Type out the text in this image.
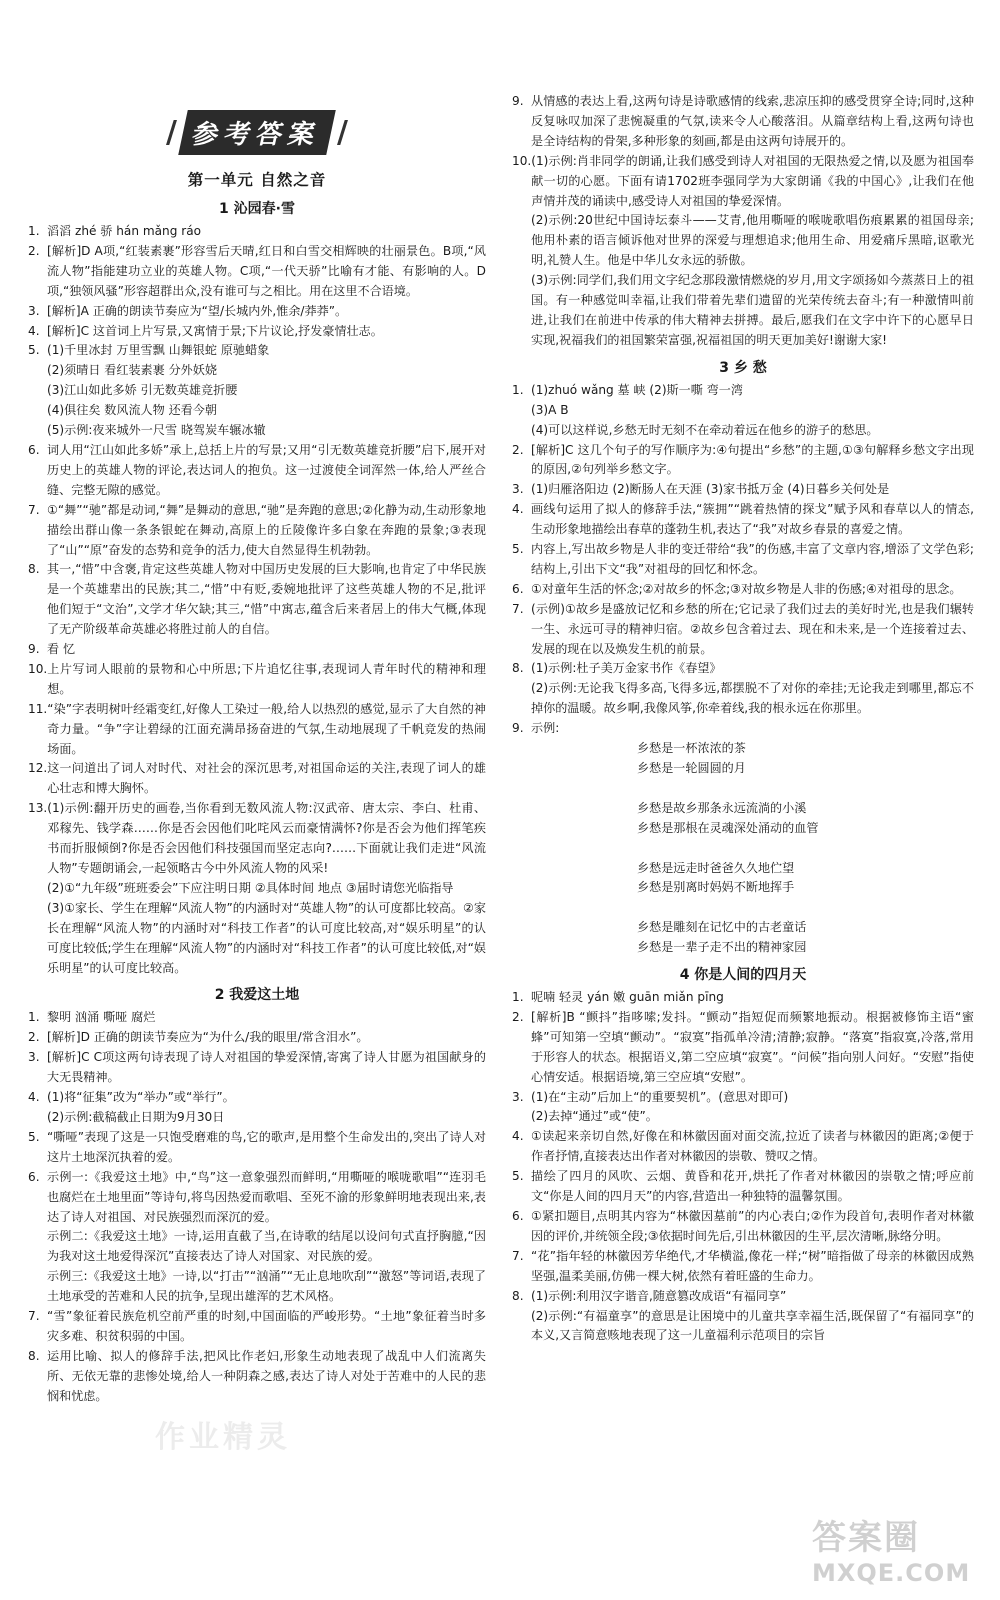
/ 参考答案 /
第一单元 自然之音
1 沁园春·雪
1. 滔滔 zhé 骄 hán mǎng ráo
2. [解析]D A项,“红装素裹”形容雪后天晴,红日和白雪交相辉映的壮丽景色。B项,“风流人物”指能建功立业的英雄人物。C项,“一代天骄”比喻有才能、有影响的人。D项,“独领风骚”形容超群出众,没有谁可与之相比。用在这里不合语境。
3. [解析]A 正确的朗读节奏应为“望/长城内外,惟余/莽莽”。
4. [解析]C 这首词上片写景,又寓情于景;下片议论,抒发豪情壮志。
5. (1)千里冰封 万里雪飘 山舞银蛇 原驰蜡象
(2)须晴日 看红装素裹 分外妖娆
(3)江山如此多娇 引无数英雄竞折腰
(4)俱往矣 数风流人物 还看今朝
(5)示例:夜来城外一尺雪 晓驾炭车辗冰辙
6. 词人用“江山如此多娇”承上,总括上片的写景;又用“引无数英雄竞折腰”启下,展开对历史上的英雄人物的评论,表达词人的抱负。这一过渡使全词浑然一体,给人严丝合缝、完整无隙的感觉。
7. ①“舞”“驰”都是动词,“舞”是舞动的意思,“驰”是奔跑的意思;②化静为动,生动形象地描绘出群山像一条条银蛇在舞动,高原上的丘陵像许多白象在奔跑的景象;③表现了“山”“原”奋发的态势和竞争的活力,使大自然显得生机勃勃。
8. 其一,“惜”中含褒,肯定这些英雄人物对中国历史发展的巨大影响,也肯定了中华民族是一个英雄辈出的民族;其二,“惜”中有贬,委婉地批评了这些英雄人物的不足,批评他们短于“文治”,文学才华欠缺;其三,“惜”中寓志,蕴含后来者居上的伟大气概,体现了无产阶级革命英雄必将胜过前人的自信。
9. 看 忆
10. 上片写词人眼前的景物和心中所思;下片追忆往事,表现词人青年时代的精神和理想。
11. “染”字表明树叶经霜变红,好像人工染过一般,给人以热烈的感觉,显示了大自然的神奇力量。“争”字让碧绿的江面充满昂扬奋进的气氛,生动地展现了千帆竞发的热闹场面。
12. 这一问道出了词人对时代、对社会的深沉思考,对祖国命运的关注,表现了词人的雄心壮志和博大胸怀。
13. (1)示例:翻开历史的画卷,当你看到无数风流人物:汉武帝、唐太宗、李白、杜甫、邓稼先、钱学森……你是否会因他们叱咤风云而豪情满怀?你是否会为他们挥笔疾书而折服倾倒?你是否会因他们科技强国而坚定志向?……下面就让我们走进“风流人物”专题朗诵会,一起领略古今中外风流人物的风采!
(2)①“九年级”班班委会”下应注明日期 ②具体时间 地点 ③届时请您光临指导
(3)①家长、学生在理解“风流人物”的内涵时对“英雄人物”的认可度都比较高。②家长在理解“风流人物”的内涵时对“科技工作者”的认可度比较高,对“娱乐明星”的认可度比较低;学生在理解“风流人物”的内涵时对“科技工作者”的认可度比较低,对“娱乐明星”的认可度比较高。
2 我爱这土地
1. 黎明 汹涌 嘶哑 腐烂
2. [解析]D 正确的朗读节奏应为“为什么/我的眼里/常含泪水”。
3. [解析]C C项这两句诗表现了诗人对祖国的挚爱深情,寄寓了诗人甘愿为祖国献身的大无畏精神。
4. (1)将“征集”改为“举办”或“举行”。
(2)示例:截稿截止日期为9月30日
5. “嘶哑”表现了这是一只饱受磨难的鸟,它的歌声,是用整个生命发出的,突出了诗人对这片土地深沉执着的爱。
6. 示例一:《我爱这土地》中,“鸟”这一意象强烈而鲜明,“用嘶哑的喉咙歌唱”“连羽毛也腐烂在土地里面”等诗句,将鸟因热爱而歌唱、至死不渝的形象鲜明地表现出来,表达了诗人对祖国、对民族强烈而深沉的爱。
示例二:《我爱这土地》一诗,运用直截了当,在诗歌的结尾以设问句式直抒胸臆,“因为我对这土地爱得深沉”直接表达了诗人对国家、对民族的爱。
示例三:《我爱这土地》一诗,以“打击”“汹涌”“无止息地吹刮”“激怒”等词语,表现了土地承受的苦难和人民的抗争,呈现出雄浑的艺术风格。
7. “雪”象征着民族危机空前严重的时刻,中国面临的严峻形势。“土地”象征着当时多灾多难、积贫积弱的中国。
8. 运用比喻、拟人的修辞手法,把风比作老妇,形象生动地表现了战乱中人们流离失所、无依无靠的悲惨处境,给人一种阴森之感,表达了诗人对处于苦难中的人民的悲悯和忧虑。
9. 从情感的表达上看,这两句诗是诗歌感情的线索,悲凉压抑的感受贯穿全诗;同时,这种反复咏叹加深了悲惋凝重的气氛,读来令人心酸落泪。从篇章结构上看,这两句诗也是全诗结构的骨架,多种形象的刻画,都是由这两句诗展开的。
10. (1)示例:肖非同学的朗诵,让我们感受到诗人对祖国的无限热爱之情,以及愿为祖国奉献一切的心愿。下面有请1702班李强同学为大家朗诵《我的中国心》,让我们在他声情并茂的诵读中,感受诗人对祖国的挚爱深情。
(2)示例:20世纪中国诗坛泰斗——艾青,他用嘶哑的喉咙歌唱伤痕累累的祖国母亲;他用朴素的语言倾诉他对世界的深爱与理想追求;他用生命、用爱痛斥黑暗,讴歌光明,礼赞人生。他是中华儿女永远的骄傲。
(3)示例:同学们,我们用文字纪念那段激情燃烧的岁月,用文字颂扬如今蒸蒸日上的祖国。有一种感觉叫幸福,让我们带着先辈们遗留的光荣传统去奋斗;有一种激情叫前进,让我们在前进中传承的伟大精神去拼搏。最后,愿我们在文字中许下的心愿早日实现,祝福我们的祖国繁荣富强,祝福祖国的明天更加美好!谢谢大家!
3 乡 愁
1. (1)zhuó wǎng 墓 峡 (2)斯一嘶 弯一湾
(3)A B
(4)可以这样说,乡愁无时无刻不在牵动着远在他乡的游子的愁思。
2. [解析]C 这几个句子的写作顺序为:④句提出“乡愁”的主题,①③句解释乡愁文字出现的原因,②句列举乡愁文字。
3. (1)归雁洛阳边 (2)断肠人在天涯 (3)家书抵万金 (4)日暮乡关何处是
4. 画线句运用了拟人的修辞手法,“簇拥”“跳着热情的探戈”赋予风和春草以人的情态,生动形象地描绘出春草的蓬勃生机,表达了“我”对故乡春景的喜爱之情。
5. 内容上,写出故乡物是人非的变迁带给“我”的伤感,丰富了文章内容,增添了文学色彩;结构上,引出下文“我”对祖母的回忆和怀念。
6. ①对童年生活的怀念;②对故乡的怀念;③对故乡物是人非的伤感;④对祖母的思念。
7. (示例)①故乡是盛放记忆和乡愁的所在;它记录了我们过去的美好时光,也是我们辗转一生、永远可寻的精神归宿。②故乡包含着过去、现在和未来,是一个连接着过去、发展的现在以及焕发生机的前景。
8. (1)示例:杜子美万金家书作《春望》
(2)示例:无论我飞得多高,飞得多远,都摆脱不了对你的牵挂;无论我走到哪里,都忘不掉你的温暖。故乡啊,我像风筝,你牵着线,我的根永远在你那里。
9. 示例:
乡愁是一杯浓浓的茶
乡愁是一轮圆圆的月
乡愁是故乡那条永远流淌的小溪
乡愁是那根在灵魂深处涌动的血管
乡愁是远走时爸爸久久地伫望
乡愁是别离时妈妈不断地挥手
乡愁是雕刻在记忆中的古老童话
乡愁是一辈子走不出的精神家园
4 你是人间的四月天
1. 呢喃 轻灵 yán 嫩 guān miǎn pīng
2. [解析]B “颤抖”指哆嗦;发抖。“颤动”指短促而频繁地振动。根据被修饰主语“蜜蜂”可知第一空填“颤动”。“寂寞”指孤单冷清;清静;寂静。“落寞”指寂寞,冷落,常用于形容人的状态。根据语义,第二空应填“寂寞”。“问候”指向别人问好。“安慰”指使心情安适。根据语境,第三空应填“安慰”。
3. (1)在“主动”后加上“的重要契机”。(意思对即可)
(2)去掉“通过”或“使”。
4. ①读起来亲切自然,好像在和林徽因面对面交流,拉近了读者与林徽因的距离;②便于作者抒情,直接表达出作者对林徽因的崇敬、赞叹之情。
5. 描绘了四月的风吹、云烟、黄昏和花开,烘托了作者对林徽因的崇敬之情;呼应前文“你是人间的四月天”的内容,营造出一种独特的温馨氛围。
6. ①紧扣题目,点明其内容为“林徽因墓前”的内心表白;②作为段首句,表明作者对林徽因的评价,并统领全段;③依据时间先后,引出林徽因的生平,层次清晰,脉络分明。
7. “花”指年轻的林徽因芳华绝代,才华横溢,像花一样;“树”暗指做了母亲的林徽因成熟坚强,温柔美丽,仿佛一棵大树,依然有着旺盛的生命力。
8. (1)示例:利用汉字谐音,随意篡改成语“有福同享”
(2)示例:“有福童享”的意思是让困境中的儿童共享幸福生活,既保留了“有福同享”的本义,又言简意赅地表现了这一儿童福利示范项目的宗旨
作业精灵
答案圈
MXQE.COM
